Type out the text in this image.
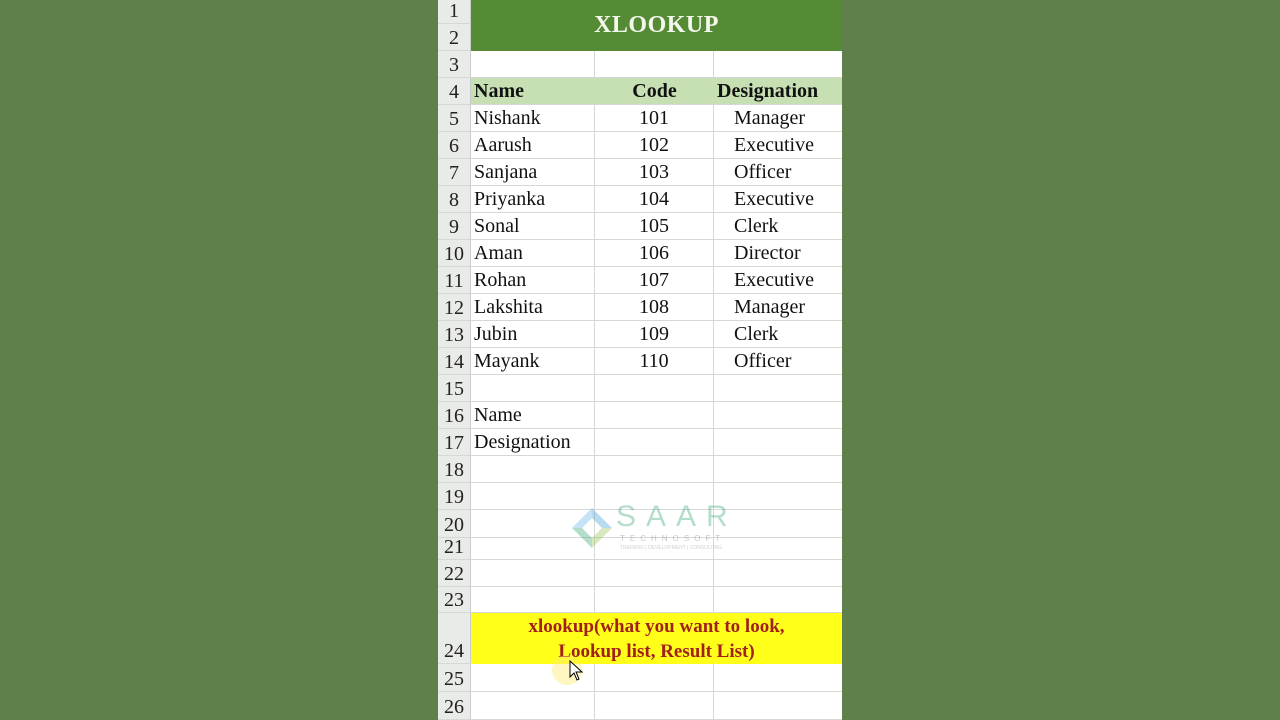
1
2	XLOOKUP
3
4 Name	Code	Designation
5 Nishank	101	Manager
6 Aarush	102	Executive
7 Sanjana	103	Officer
8 Priyanka	104	Executive
9 Sonal	105	Clerk
10 Aman	106	Director
11 Rohan	107	Executive
12 Lakshita	108	Manager
13 Jubin	109	Clerk
14 Mayank	110	Officer
15
16 Name
17 Designation
18
19
20
21
22
23
24
xlookup(what you want to look,
Lookup list, Result List)
25
26
SAAR
TECHNOSOFT
TRAINING | DEVELOPMENT | CONSULTING
